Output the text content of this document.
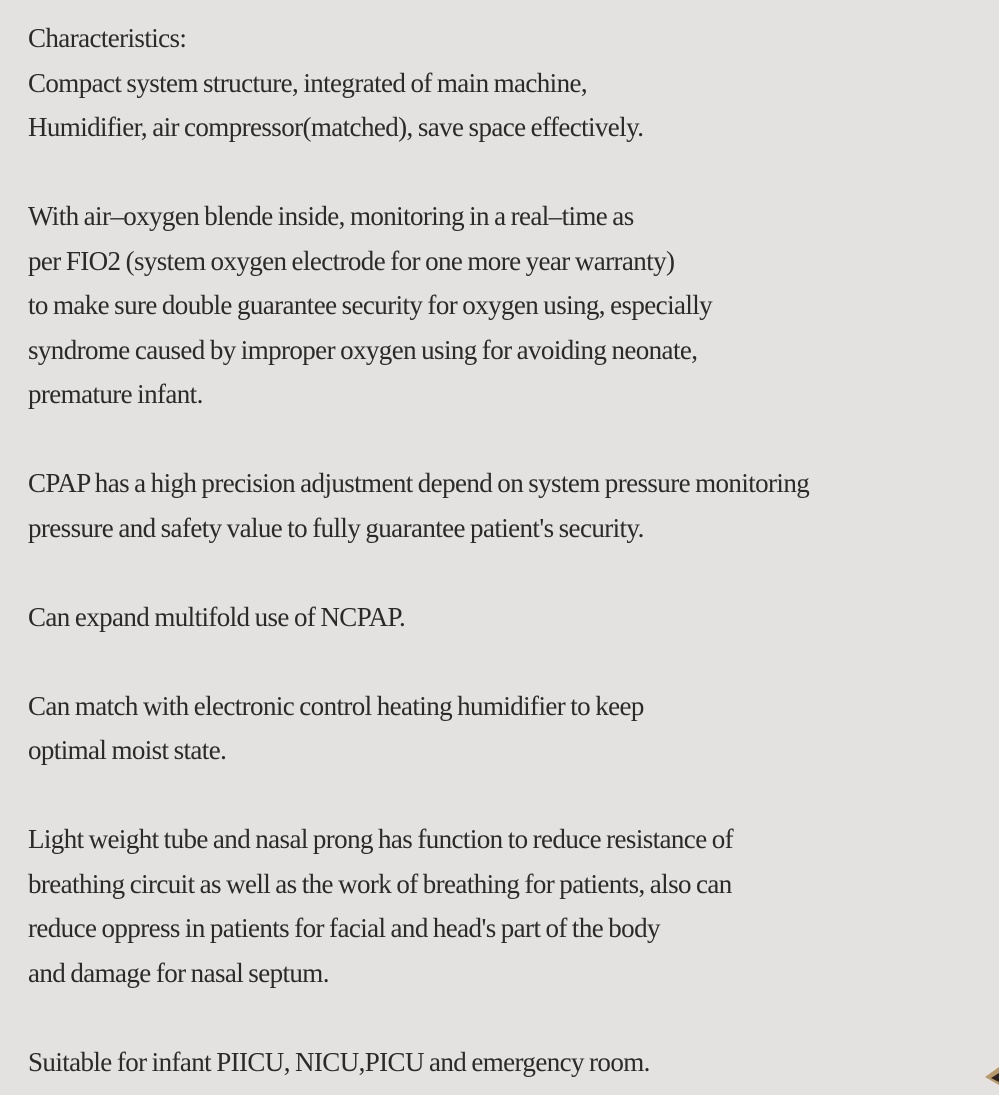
Characteristics:
Compact system structure, integrated of main machine,
Humidifier, air compressor(matched), save space effectively.
With air–oxygen blende inside, monitoring in a real–time as
per FIO2 (system oxygen electrode for one more year warranty)
to make sure double guarantee security for oxygen using, especially
syndrome caused by improper oxygen using for avoiding neonate,
premature infant.
CPAP has a high precision adjustment depend on system pressure monitoring
pressure and safety value to fully guarantee patient's security.
Can expand multifold use of NCPAP.
Can match with electronic control heating humidifier to keep
optimal moist state.
Light weight tube and nasal prong has function to reduce resistance of
breathing circuit as well as the work of breathing for patients, also can
reduce oppress in patients for facial and head's part of the body
and damage for nasal septum.
Suitable for infant PIICU, NICU,PICU and emergency room.
